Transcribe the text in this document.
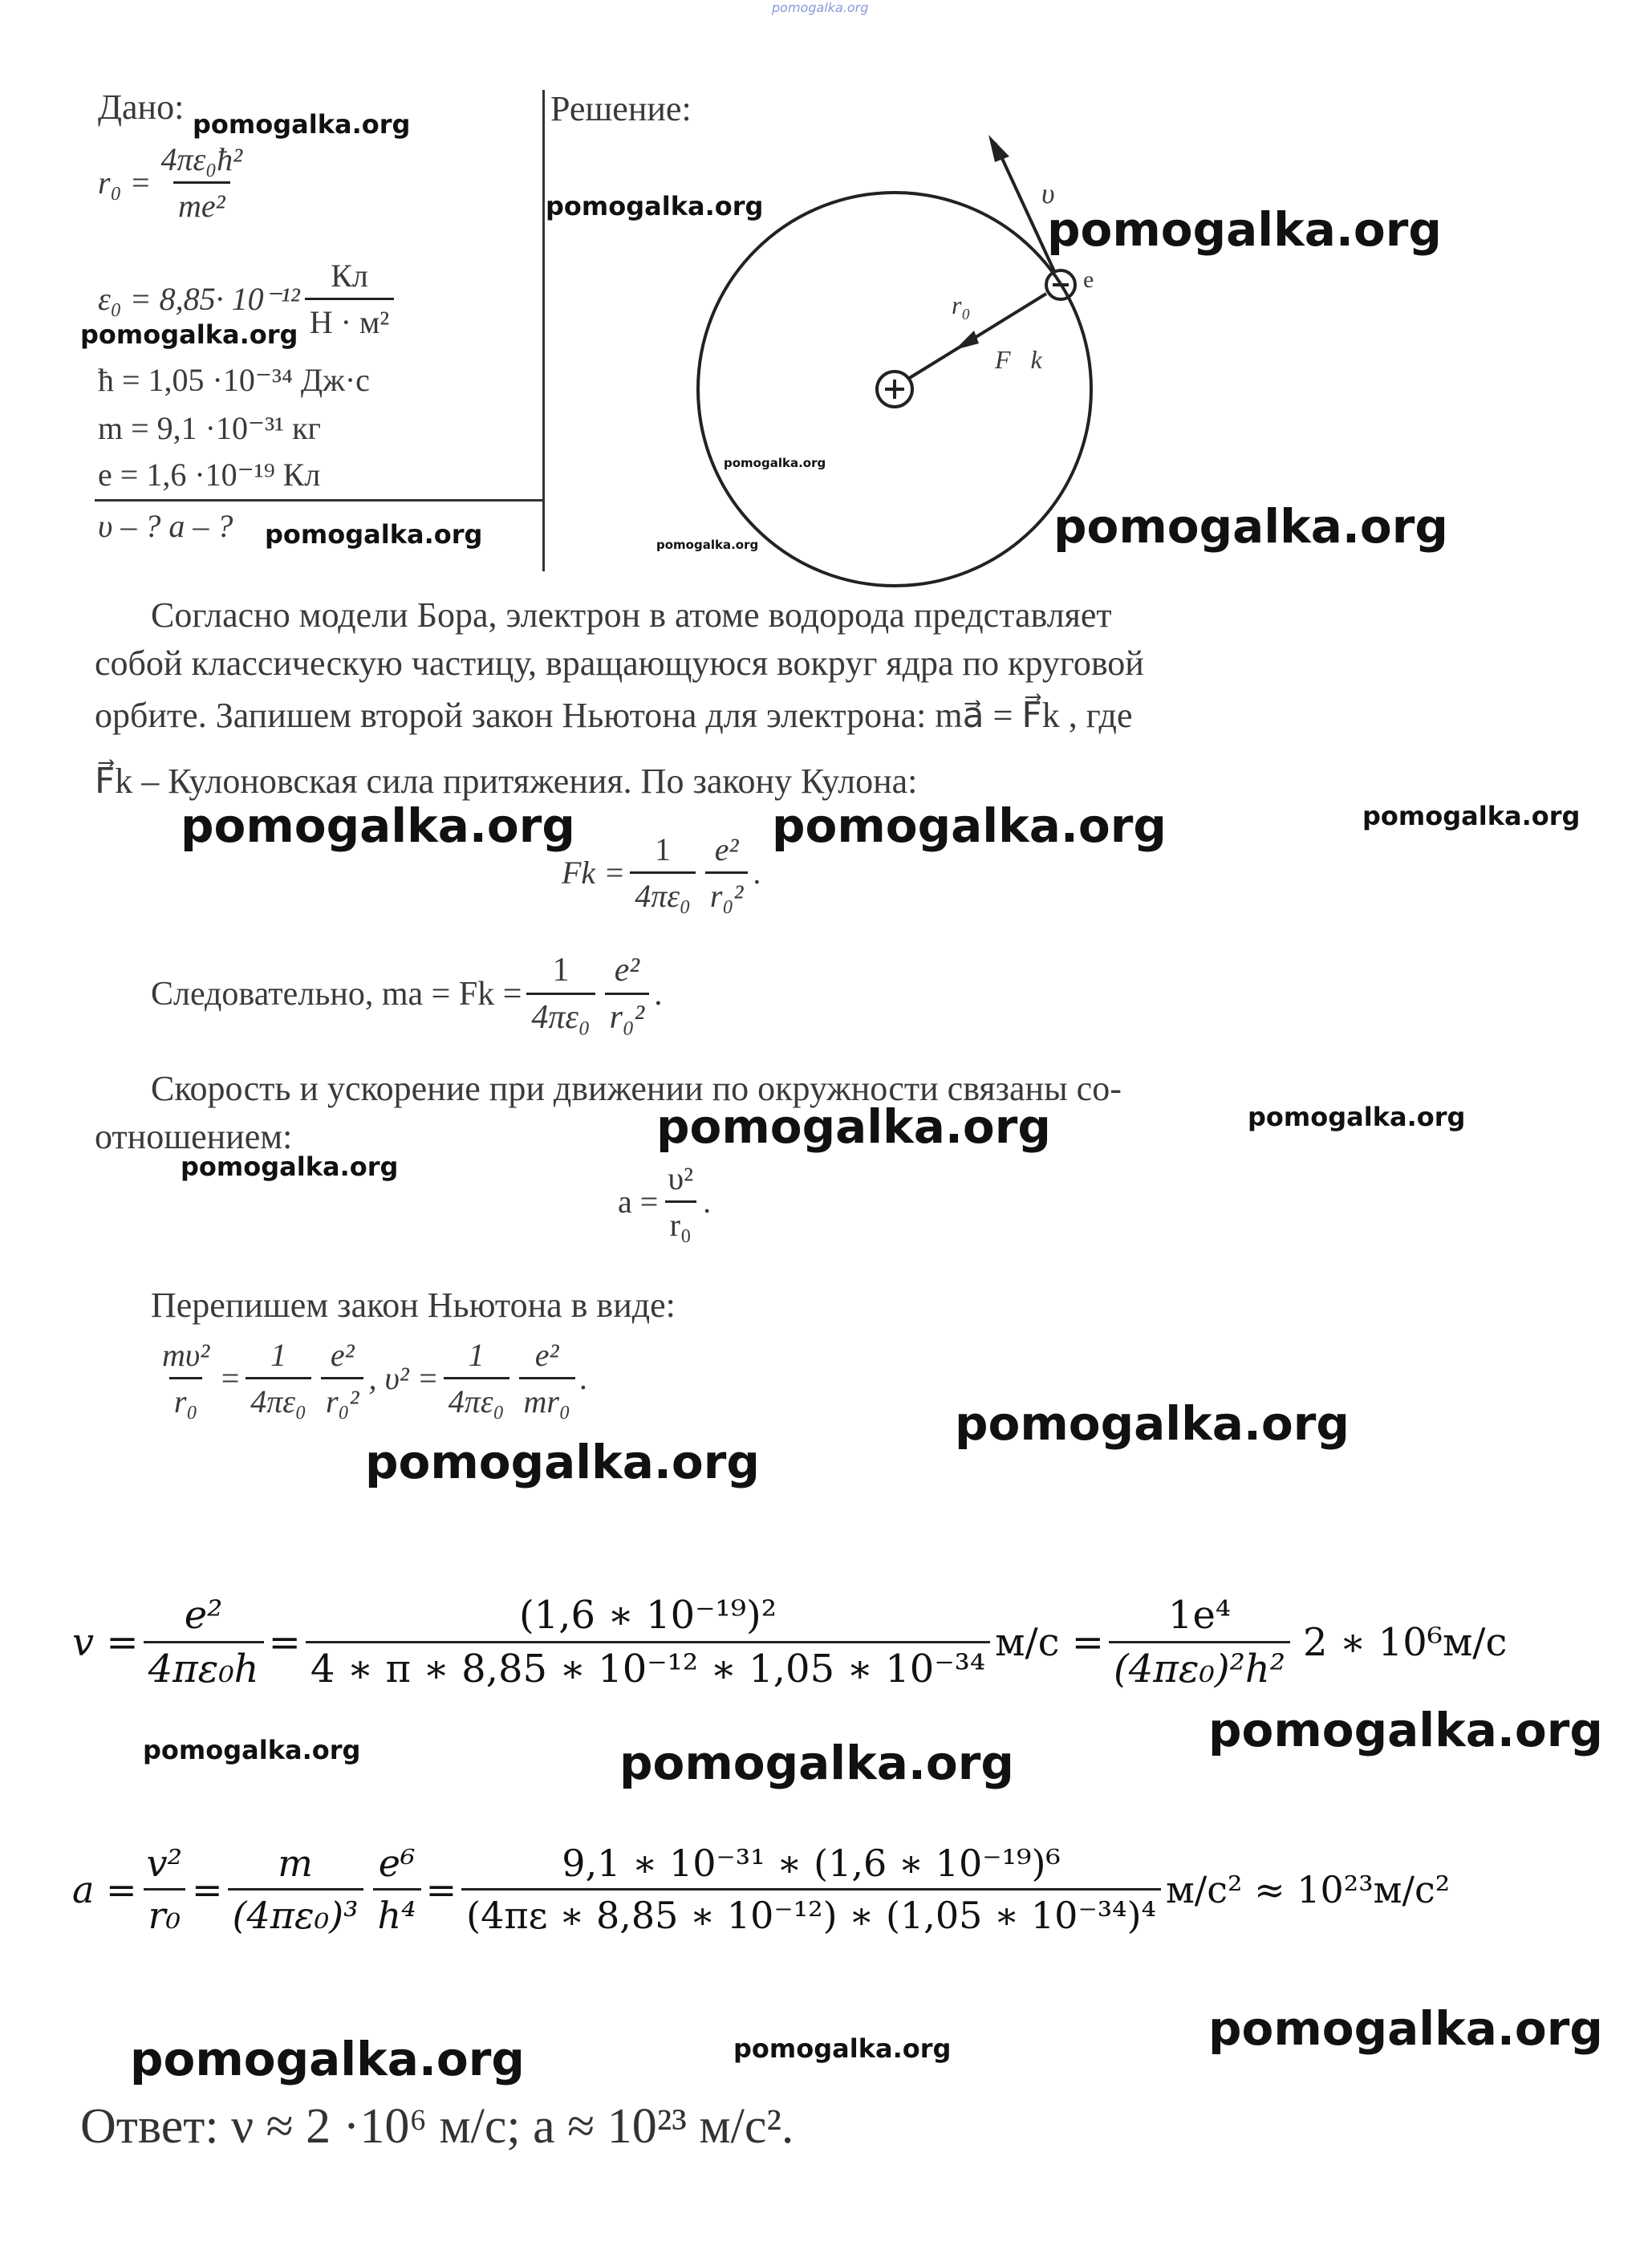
pomogalka.org
Дано:
$r_0 = \frac{\text{4πε₀ħ²}}{\text{me²}}$
$\varepsilon_0 = 8,85\cdot 10^{-12} \frac{Кл}{\text{Н · м²}}$
ħ = 1,05 ·10⁻³⁴ Дж·с
m = 9,1 ·10⁻³¹ кг
e = 1,6 ·10⁻¹⁹ Кл
υ – ? a – ?
Решение:
υ⃗
e
r₀
F⃗k
Согласно модели Бора, электрон в атоме водорода представляет
собой классическую частицу, вращающуюся вокруг ядра по круговой
орбите. Запишем второй закон Ньютона для электрона: ma⃗ = F⃗k , где
F⃗k – Кулоновская сила притяжения. По закону Кулона:
$Fk = \frac{1}{\text{4πε₀}} \frac{\text{e²}}{\text{r₀²}}$ .
Следовательно, ma = $Fk = \frac{1}{\text{4πε₀}} \frac{\text{e²}}{\text{r₀²}}$ .
Скорость и ускорение при движении по окружности связаны со-
отношением:
$a = \frac{\text{υ²}}{\text{r₀}}$ .
Перепишем закон Ньютона в виде:
$\frac{\text{mυ²}}{\text{r₀}} = \frac{1}{\text{4πε₀}} \frac{\text{e²}}{\text{r₀²}}$ , $\upsilon^2 = \frac{1}{\text{4πε₀}} \frac{\text{e²}}{\text{mr₀}}$ .
$v = \frac{\text{e²}}{\text{4πε₀h}} = \frac{\text{(1,6 ∗ 10⁻¹⁹)²}}{\text{4 ∗ π ∗ 8,85 ∗ 10⁻¹² ∗ 1,05 ∗ 10⁻³⁴}} м/с = \frac{\text{1e⁴}}{\text{(4πε₀)²h²}} 2$ ∗ 10⁶м/с
$a = \frac{\text{v²}}{\text{r₀}} = \frac{m}{\text{(4πε₀)³}} \frac{\text{e⁶}}{\text{h⁴}} = \frac{\text{9,1 ∗ 10⁻³¹ ∗ (1,6 ∗ 10⁻¹⁹)⁶}}{\text{(4πε ∗ 8,85 ∗ 10⁻¹²) ∗ (1,05 ∗ 10⁻³⁴)⁴}} м/с^2 \approx 10^{23}м/с^2$
Ответ: ν ≈ 2 ·10⁶ м/с; a ≈ 10²³ м/с².
pomogalka.org
pomogalka.org	pomogalka.org
pomogalka.org
pomogalka.org
pomogalka.org	pomogalka.org	pomogalka.org
pomogalka.org	pomogalka.org	pomogalka.org
pomogalka.org	pomogalka.org
pomogalka.org
pomogalka.org
pomogalka.org
pomogalka.org
pomogalka.org	pomogalka.org
pomogalka.org
pomogalka.org	pomogalka.org
